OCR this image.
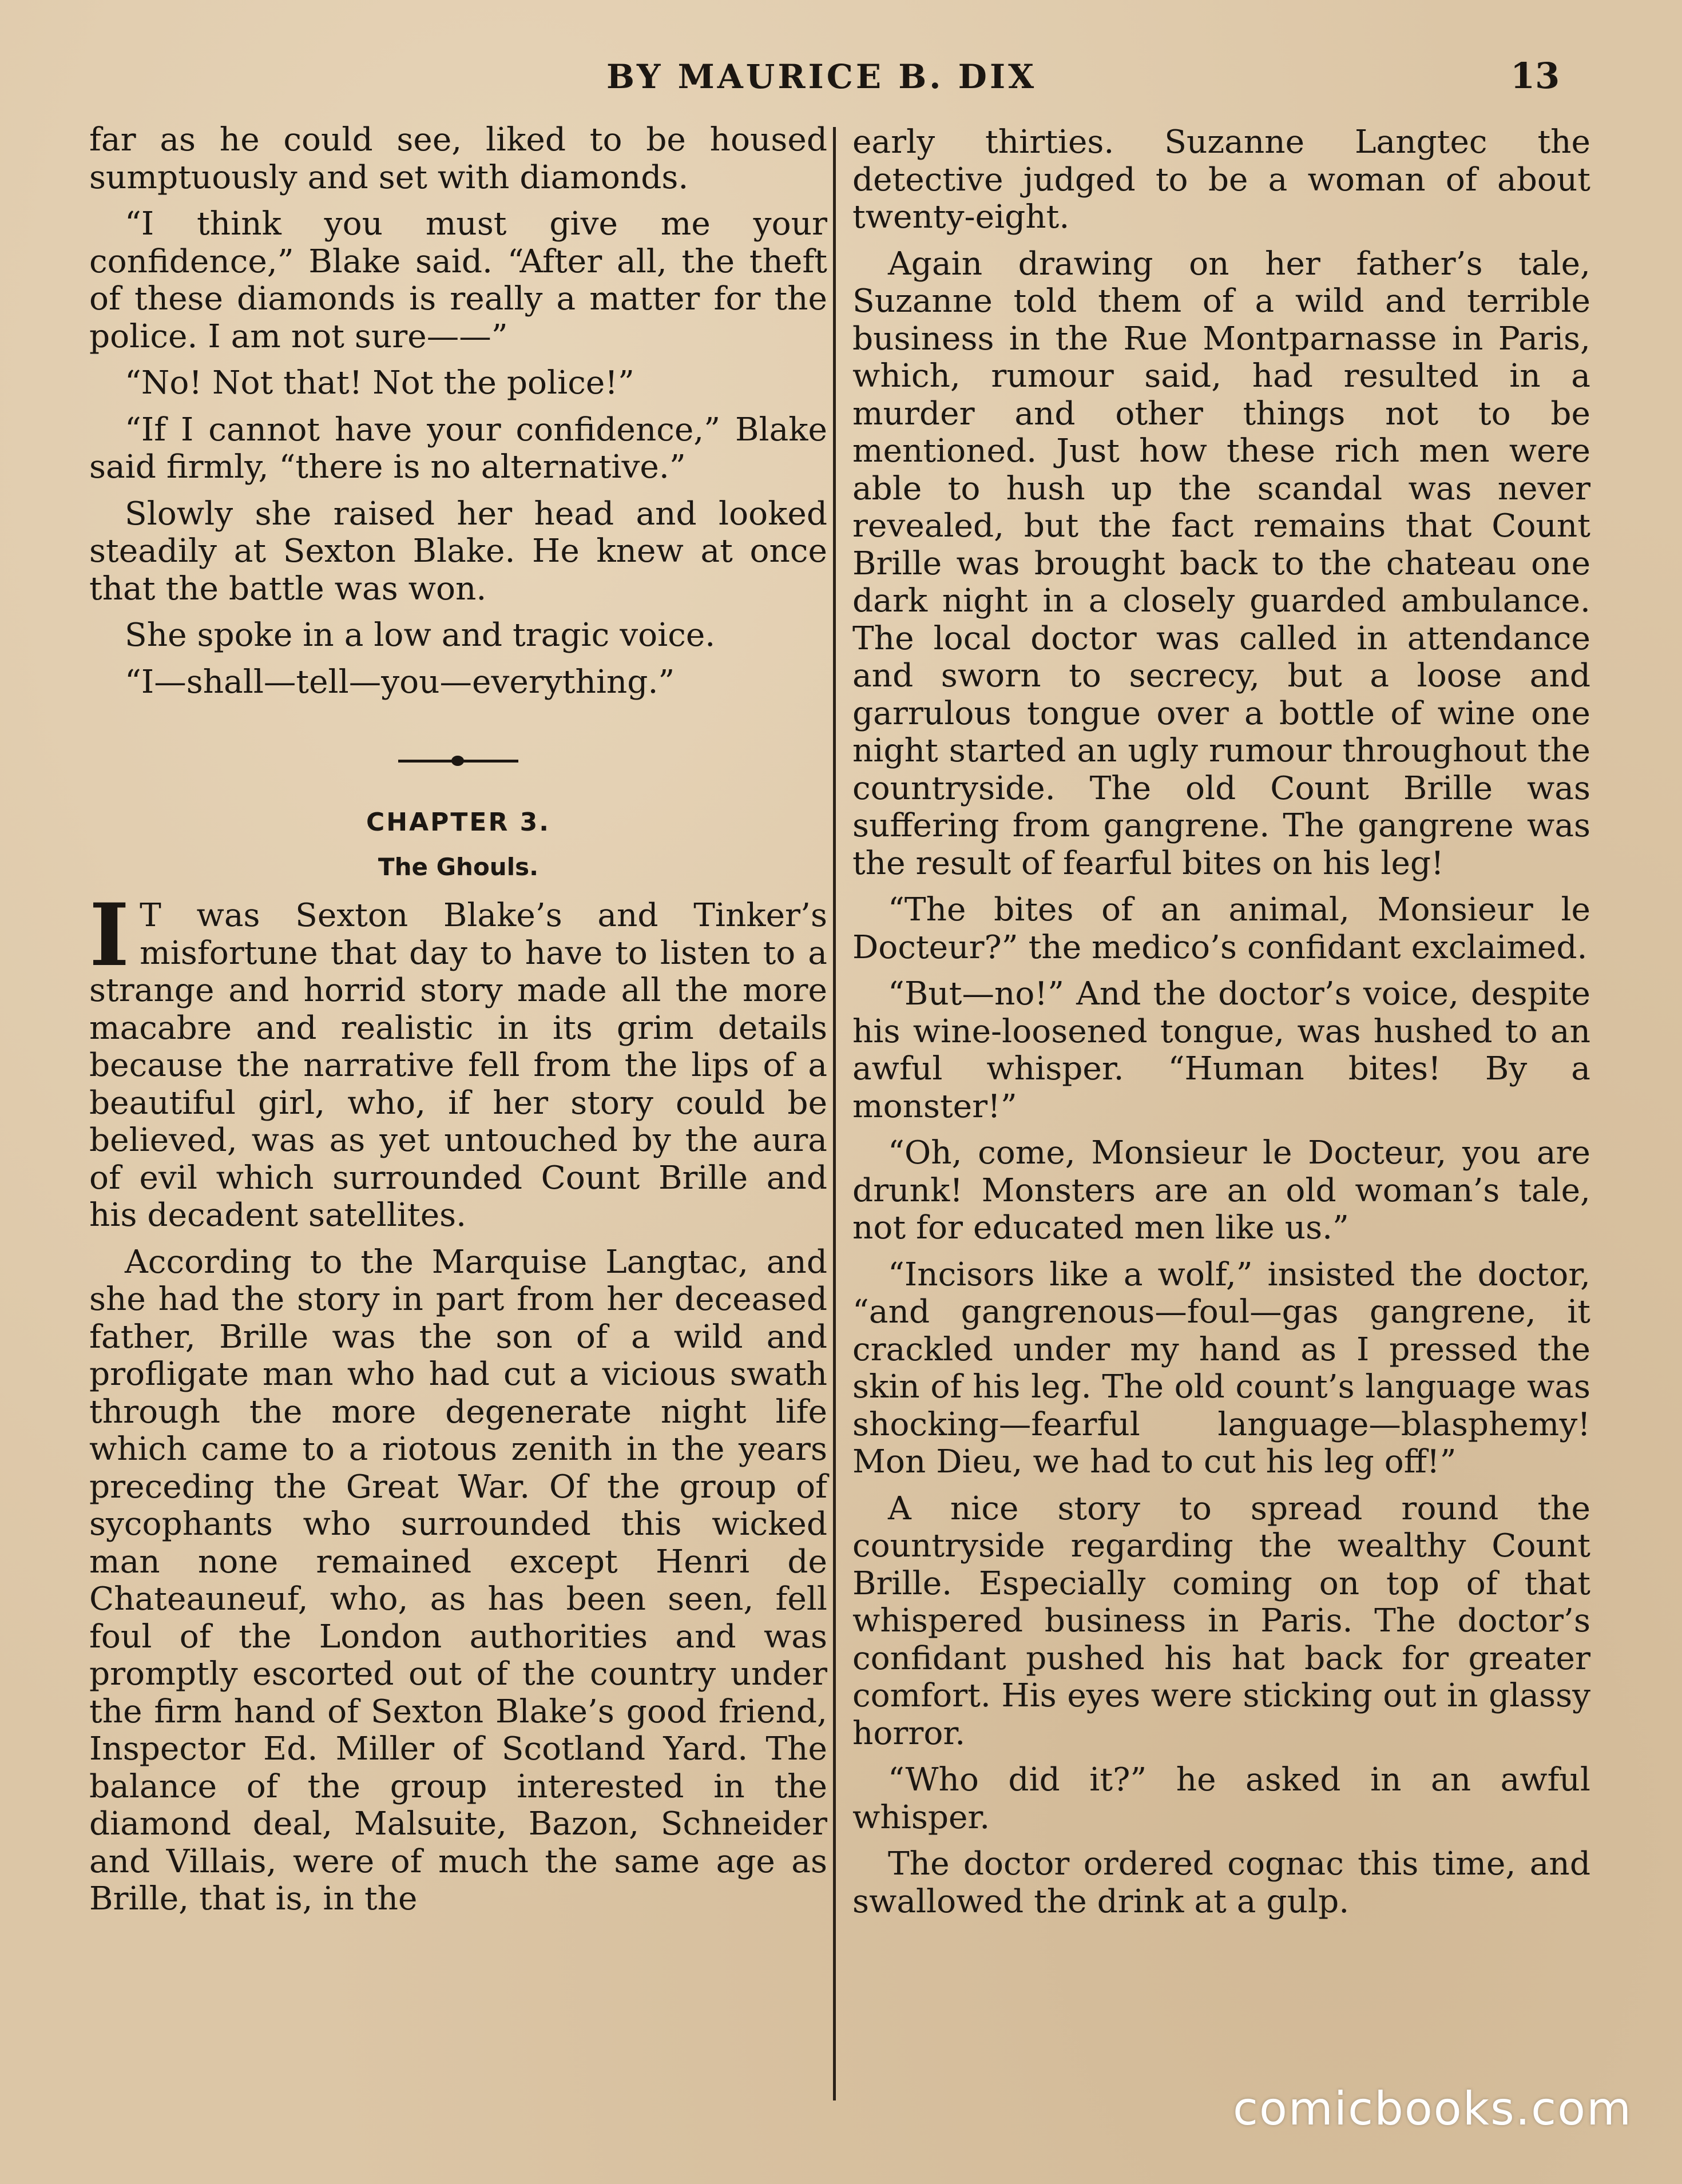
BY MAURICE B. DIX	13

far as he could see, liked to be housed sumptuously and set with diamonds.

“I think you must give me your confidence,” Blake said. “After all, the theft of these diamonds is really a matter for the police. I am not sure——”

“No! Not that! Not the police!”

“If I cannot have your confidence,” Blake said firmly, “there is no alternative.”

Slowly she raised her head and looked steadily at Sexton Blake. He knew at once that the battle was won.

She spoke in a low and tragic voice.

“I—shall—tell—you—everything.”

CHAPTER 3.
The Ghouls.

I T was Sexton Blake’s and Tinker’s misfortune that day to have to listen to a strange and horrid story made all the more macabre and realistic in its grim details because the narrative fell from the lips of a beautiful girl, who, if her story could be believed, was as yet untouched by the aura of evil which surrounded Count Brille and his decadent satellites.

According to the Marquise Langtac, and she had the story in part from her deceased father, Brille was the son of a wild and profligate man who had cut a vicious swath through the more degenerate night life which came to a riotous zenith in the years preceding the Great War. Of the group of sycophants who surrounded this wicked man none remained except Henri de Chateauneuf, who, as has been seen, fell foul of the London authorities and was promptly escorted out of the country under the firm hand of Sexton Blake’s good friend, Inspector Ed. Miller of Scotland Yard. The balance of the group interested in the diamond deal, Malsuite, Bazon, Schneider and Villais, were of much the same age as Brille, that is, in the

early thirties. Suzanne Langtec the detective judged to be a woman of about twenty-eight.

Again drawing on her father’s tale, Suzanne told them of a wild and terrible business in the Rue Montparnasse in Paris, which, rumour said, had resulted in a murder and other things not to be mentioned. Just how these rich men were able to hush up the scandal was never revealed, but the fact remains that Count Brille was brought back to the chateau one dark night in a closely guarded ambulance. The local doctor was called in attendance and sworn to secrecy, but a loose and garrulous tongue over a bottle of wine one night started an ugly rumour throughout the countryside. The old Count Brille was suffering from gangrene. The gangrene was the result of fearful bites on his leg!

“The bites of an animal, Monsieur le Docteur?” the medico’s confidant exclaimed.

“But—no!” And the doctor’s voice, despite his wine-loosened tongue, was hushed to an awful whisper. “Human bites! By a monster!”

“Oh, come, Monsieur le Docteur, you are drunk! Monsters are an old woman’s tale, not for educated men like us.”

“Incisors like a wolf,” insisted the doctor, “and gangrenous—foul—gas gangrene, it crackled under my hand as I pressed the skin of his leg. The old count’s language was shocking—fearful language—blasphemy! Mon Dieu, we had to cut his leg off!”

A nice story to spread round the countryside regarding the wealthy Count Brille. Especially coming on top of that whispered business in Paris. The doctor’s confidant pushed his hat back for greater comfort. His eyes were sticking out in glassy horror.

“Who did it?” he asked in an awful whisper.

The doctor ordered cognac this time, and swallowed the drink at a gulp.

comicbooks.com
